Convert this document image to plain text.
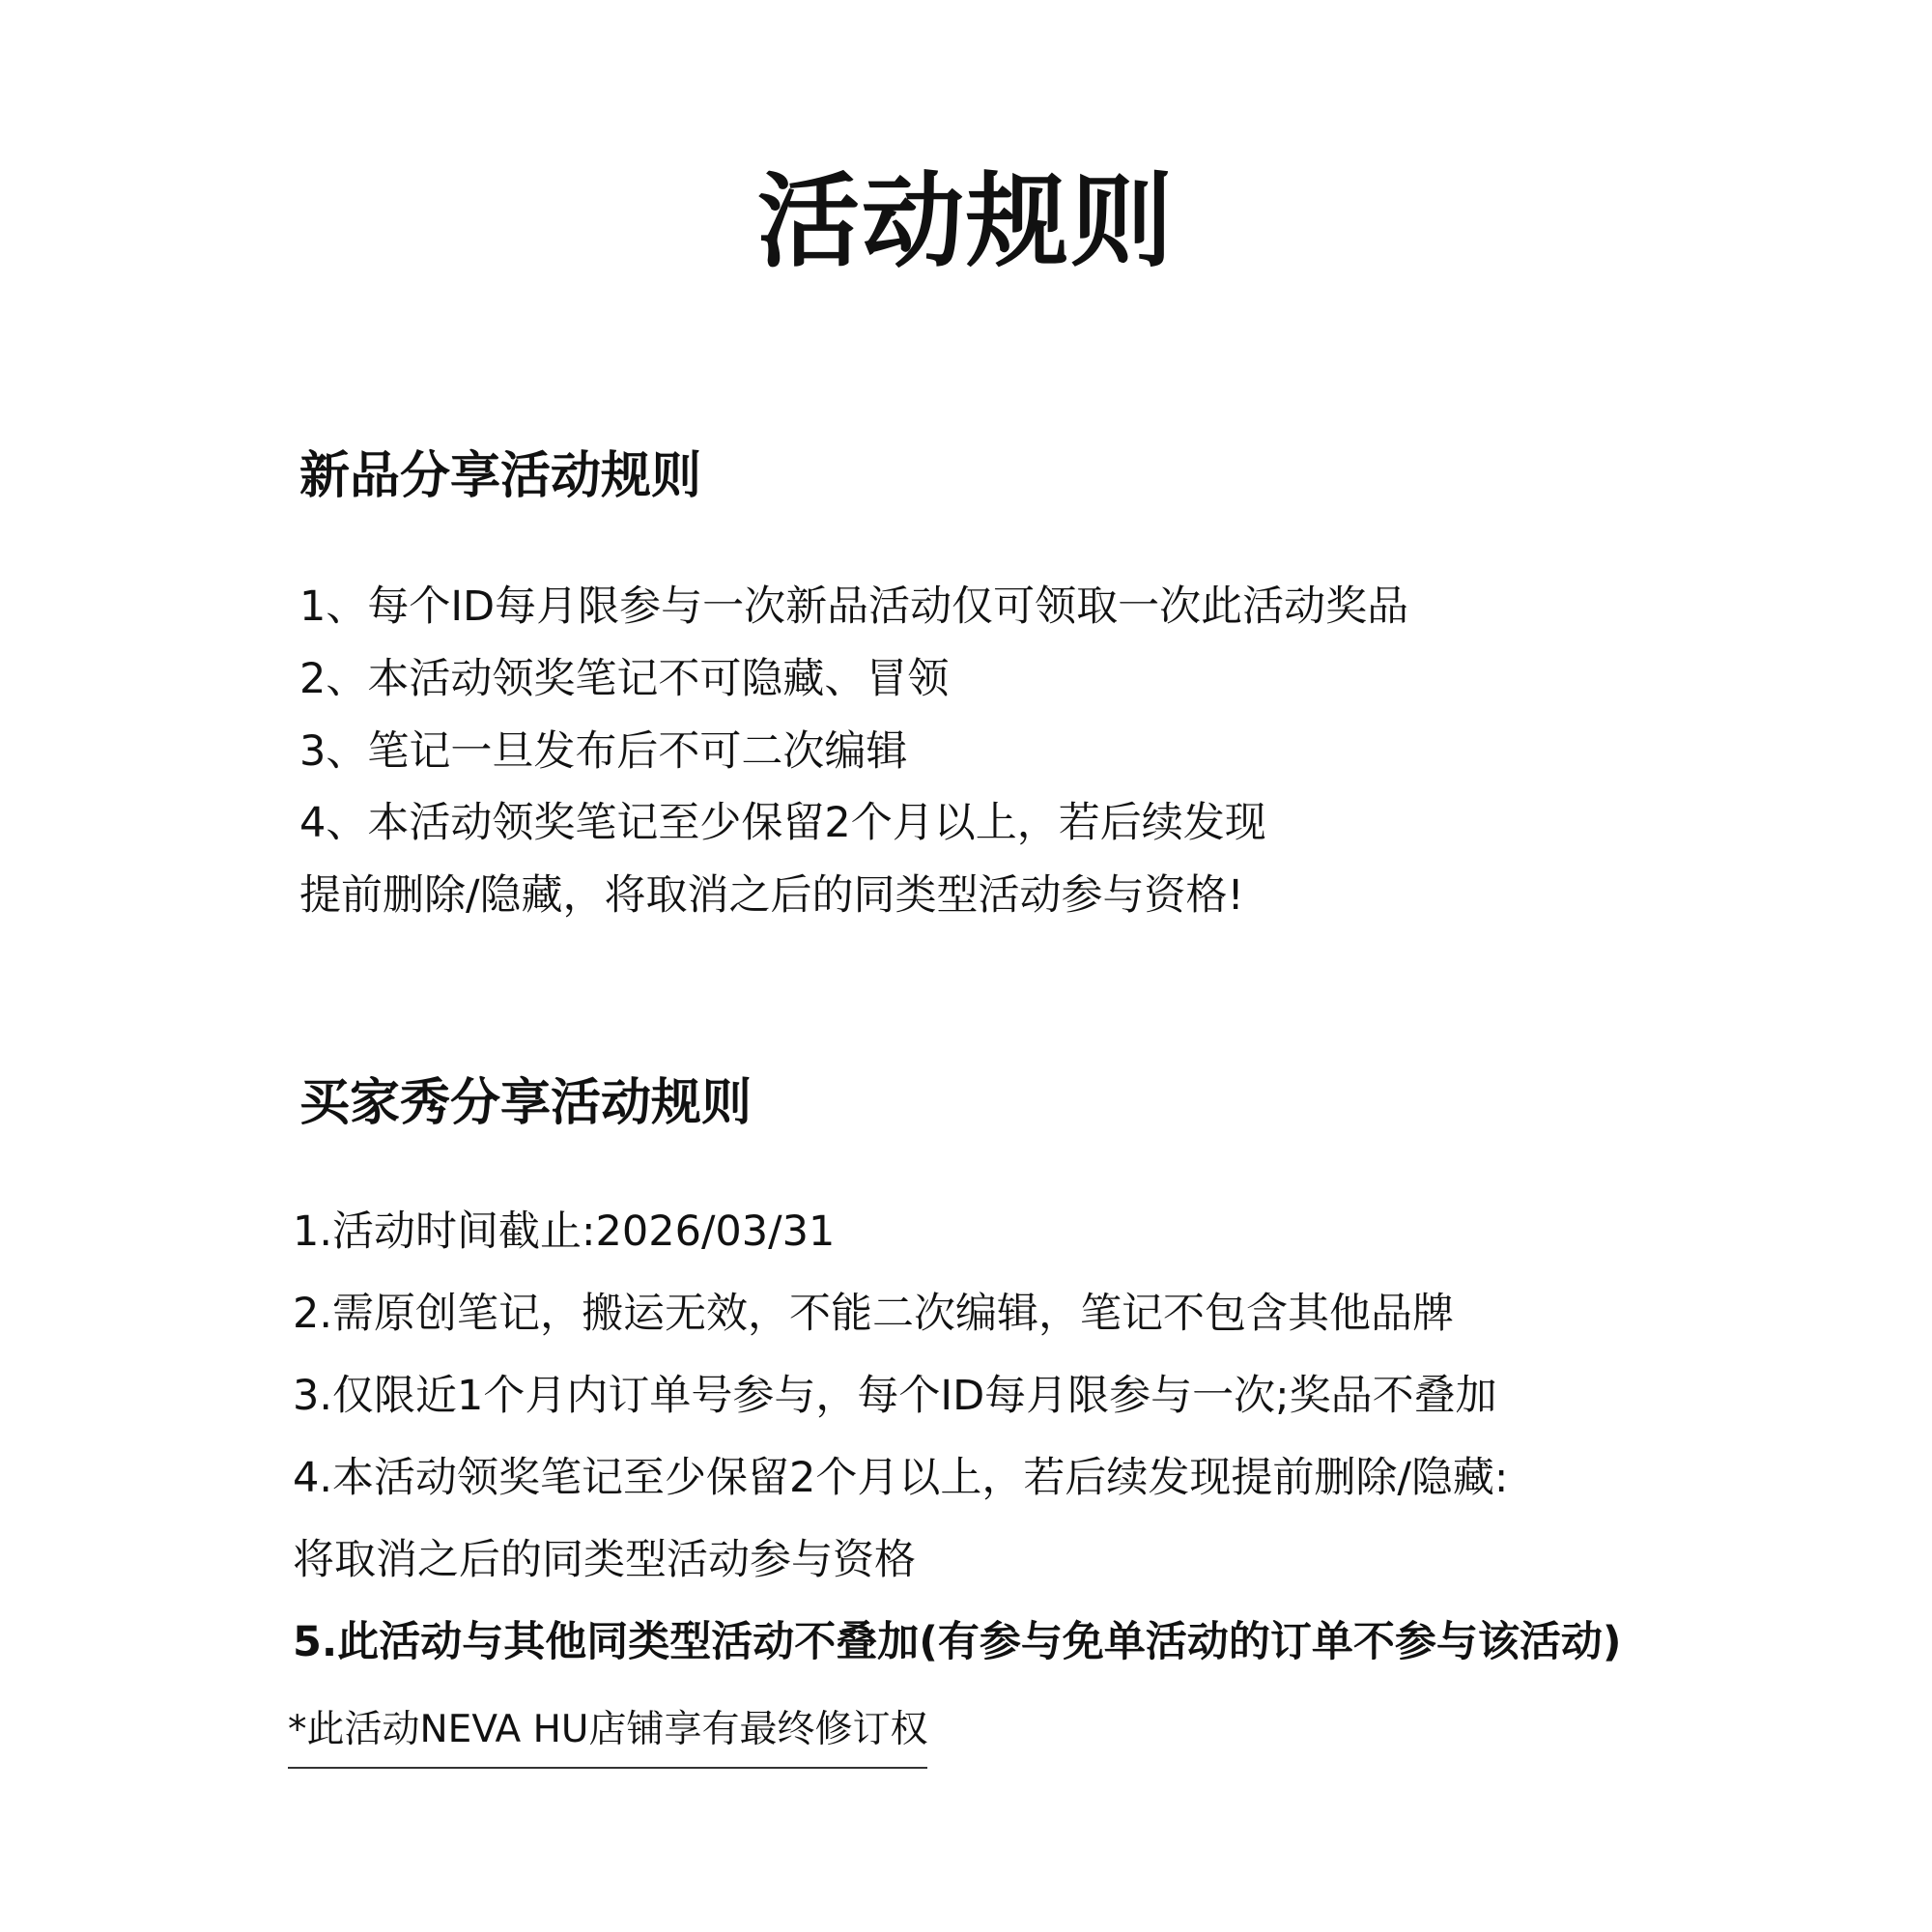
活动规则
新品分享活动规则
1、每个ID每月限参与一次新品活动仅可领取一次此活动奖品
2、本活动领奖笔记不可隐藏、冒领
3、笔记一旦发布后不可二次编辑
4、本活动领奖笔记至少保留2个月以上，若后续发现
提前删除/隐藏，将取消之后的同类型活动参与资格!
买家秀分享活动规则
1.活动时间截止:2026/03/31
2.需原创笔记，搬运无效，不能二次编辑，笔记不包含其他品牌
3.仅限近1个月内订单号参与，每个ID每月限参与一次;奖品不叠加
4.本活动领奖笔记至少保留2个月以上，若后续发现提前删除/隐藏:
将取消之后的同类型活动参与资格
5.此活动与其他同类型活动不叠加(有参与免单活动的订单不参与该活动)
*此活动NEVA HU店铺享有最终修订权
